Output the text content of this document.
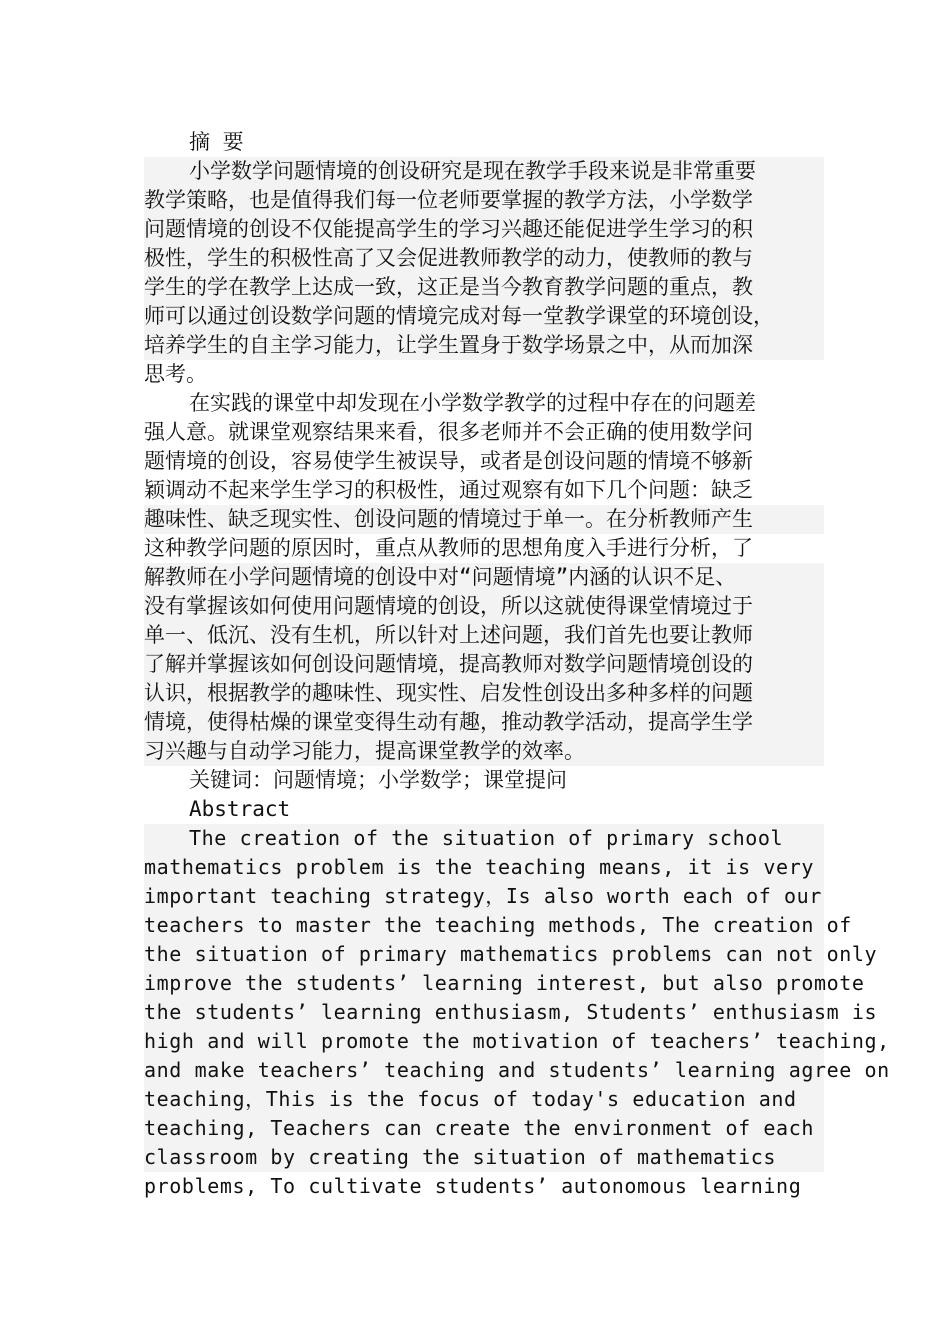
摘 要
小学数学问题情境的创设研究是现在教学手段来说是非常重要
教学策略，也是值得我们每一位老师要掌握的教学方法，小学数学
问题情境的创设不仅能提高学生的学习兴趣还能促进学生学习的积
极性，学生的积极性高了又会促进教师教学的动力，使教师的教与
学生的学在教学上达成一致，这正是当今教育教学问题的重点，教
师可以通过创设数学问题的情境完成对每一堂教学课堂的环境创设，
培养学生的自主学习能力，让学生置身于数学场景之中，从而加深
思考。
在实践的课堂中却发现在小学数学教学的过程中存在的问题差
强人意。就课堂观察结果来看，很多老师并不会正确的使用数学问
题情境的创设，容易使学生被误导，或者是创设问题的情境不够新
颖调动不起来学生学习的积极性，通过观察有如下几个问题：缺乏
趣味性、缺乏现实性、创设问题的情境过于单一。在分析教师产生
这种教学问题的原因时，重点从教师的思想角度入手进行分析，了
解教师在小学问题情境的创设中对“问题情境”内涵的认识不足、
没有掌握该如何使用问题情境的创设，所以这就使得课堂情境过于
单一、低沉、没有生机，所以针对上述问题，我们首先也要让教师
了解并掌握该如何创设问题情境，提高教师对数学问题情境创设的
认识，根据教学的趣味性、现实性、启发性创设出多种多样的问题
情境，使得枯燥的课堂变得生动有趣，推动教学活动，提高学生学
习兴趣与自动学习能力，提高课堂教学的效率。
关键词：问题情境；小学数学；课堂提问
Abstract
The creation of the situation of primary school
mathematics problem is the teaching means, it is very
important teaching strategy，Is also worth each of our
teachers to master the teaching methods, The creation of
the situation of primary mathematics problems can not only
improve the students’ learning interest, but also promote
the students’ learning enthusiasm, Students’ enthusiasm is
high and will promote the motivation of teachers’ teaching,
and make teachers’ teaching and students’ learning agree on
teaching，This is the focus of today's education and
teaching, Teachers can create the environment of each
classroom by creating the situation of mathematics
problems, To cultivate students’ autonomous learning
